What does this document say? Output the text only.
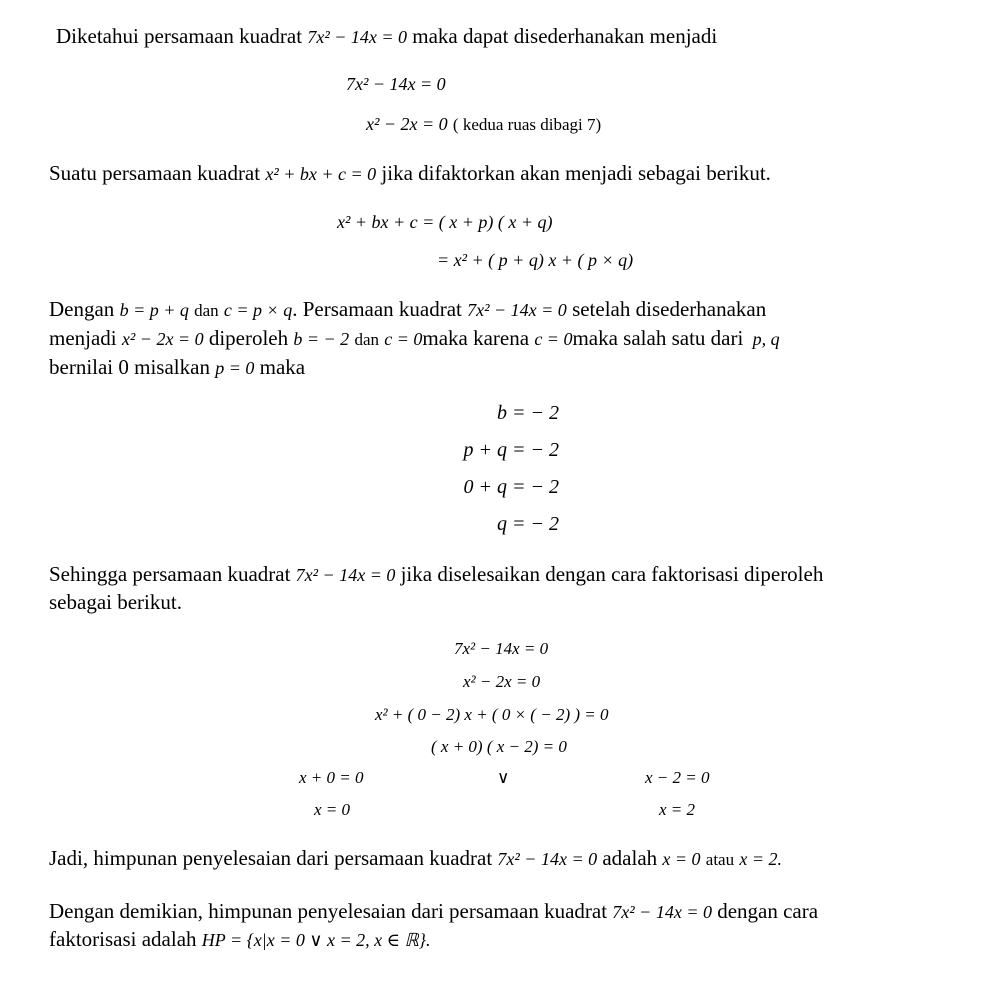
Diketahui persamaan kuadrat 7x² − 14x = 0 maka dapat disederhanakan menjadi
7x² − 14x = 0
x² − 2x = 0 ( kedua ruas dibagi 7)
Suatu persamaan kuadrat x² + bx + c = 0 jika difaktorkan akan menjadi sebagai berikut.
x² + bx + c = ( x + p) ( x + q)
= x² + ( p + q) x + ( p × q)
Dengan b = p + q dan c = p × q. Persamaan kuadrat 7x² − 14x = 0 setelah disederhanakan
menjadi x² − 2x = 0 diperoleh b = − 2 dan c = 0maka karena c = 0maka salah satu dari p, q
bernilai 0 misalkan p = 0 maka
b = − 2
p + q = − 2
0 + q = − 2
q = − 2
Sehingga persamaan kuadrat 7x² − 14x = 0 jika diselesaikan dengan cara faktorisasi diperoleh
sebagai berikut.
7x² − 14x = 0
x² − 2x = 0
x² + ( 0 − 2) x + ( 0 × ( − 2) ) = 0
( x + 0) ( x − 2) = 0
x + 0 = 0	∨	x − 2 = 0
x = 0	x = 2
Jadi, himpunan penyelesaian dari persamaan kuadrat 7x² − 14x = 0 adalah x = 0 atau x = 2.
Dengan demikian, himpunan penyelesaian dari persamaan kuadrat 7x² − 14x = 0 dengan cara
faktorisasi adalah HP = {x|x = 0 ∨ x = 2, x ∈ ℝ}.
